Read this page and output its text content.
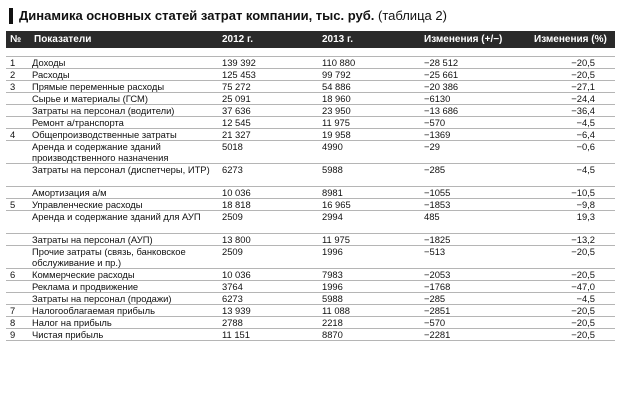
Динамика основных статей затрат компании, тыс. руб. (таблица 2)
№	Показатели	2012 г.	2013 г.	Изменения (+/−)	Изменения (%)

1	Доходы	139 392	110 880	−28 512	−20,5
2	Расходы	125 453	99 792	−25 661	−20,5
3	Прямые переменные расходы	75 272	54 886	−20 386	−27,1
	Сырье и материалы (ГСМ)	25 091	18 960	−6130	−24,4
	Затраты на персонал (водители)	37 636	23 950	−13 686	−36,4
	Ремонт а/транспорта	12 545	11 975	−570	−4,5
4	Общепроизводственные затраты	21 327	19 958	−1369	−6,4
	Аренда и содержание зданий производственного назначения	5018	4990	−29	−0,6
	Затраты на персонал (диспетчеры, ИТР)	6273	5988	−285	−4,5
	Амортизация а/м	10 036	8981	−1055	−10,5
5	Управленческие расходы	18 818	16 965	−1853	−9,8
	Аренда и содержание зданий для АУП	2509	2994	485	19,3
	Затраты на персонал (АУП)	13 800	11 975	−1825	−13,2
	Прочие затраты (связь, банковское обслуживание и пр.)	2509	1996	−513	−20,5
6	Коммерческие расходы	10 036	7983	−2053	−20,5
	Реклама и продвижение	3764	1996	−1768	−47,0
	Затраты на персонал (продажи)	6273	5988	−285	−4,5
7	Налогооблагаемая прибыль	13 939	11 088	−2851	−20,5
8	Налог на прибыль	2788	2218	−570	−20,5
9	Чистая прибыль	11 151	8870	−2281	−20,5
